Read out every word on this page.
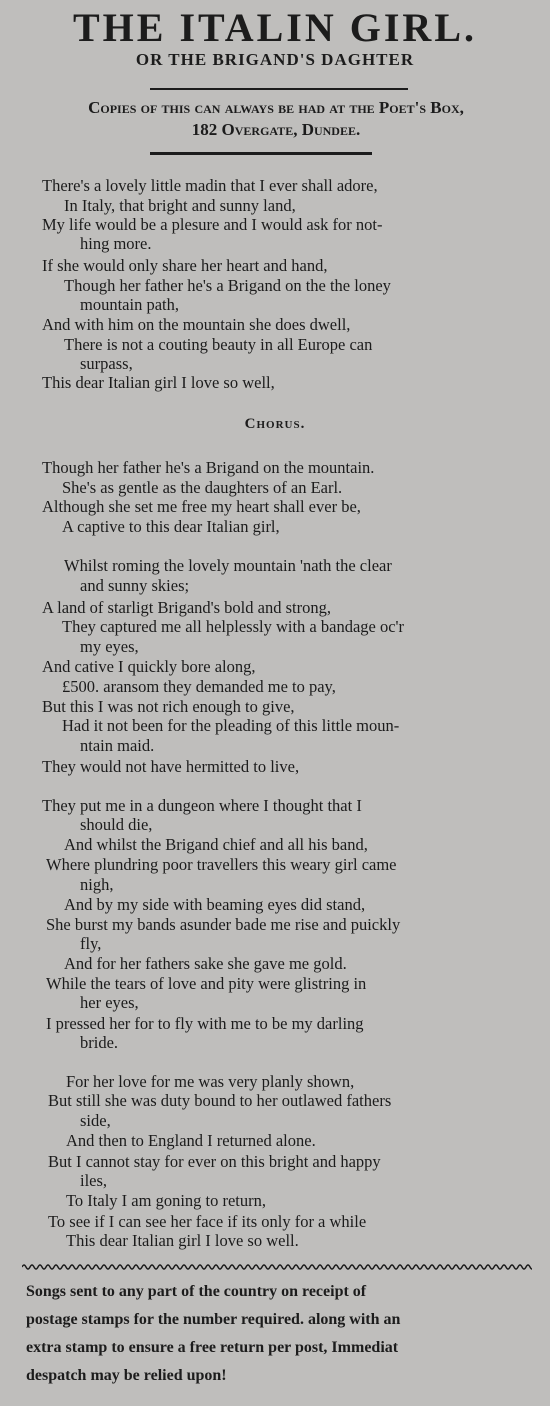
THE ITALIN GIRL.
OR THE BRIGAND'S DAGHTER
Copies of this can always be had at the Poet's Box,
182 Overgate, Dundee.
There's a lovely little madin that I ever shall adore,
In Italy, that bright and sunny land,
My life would be a plesure and I would ask for not-
hing more.
If she would only share her heart and hand,
Though her father he's a Brigand on the the loney
mountain path,
And with him on the mountain she does dwell,
There is not a couting beauty in all Europe can
surpass,
This dear Italian girl I love so well,
Chorus.
Though her father he's a Brigand on the mountain.
She's as gentle as the daughters of an Earl.
Although she set me free my heart shall ever be,
A captive to this dear Italian girl,
Whilst roming the lovely mountain 'nath the clear
and sunny skies;
A land of starligt Brigand's bold and strong,
They captured me all helplessly with a bandage oc'r
my eyes,
And cative I quickly bore along,
£500. aransom they demanded me to pay,
But this I was not rich enough to give,
Had it not been for the pleading of this little moun-
ntain maid.
They would not have hermitted to live,
They put me in a dungeon where I thought that I
should die,
And whilst the Brigand chief and all his band,
Where plundring poor travellers this weary girl came
nigh,
And by my side with beaming eyes did stand,
She burst my bands asunder bade me rise and puickly
fly,
And for her fathers sake she gave me gold.
While the tears of love and pity were glistring in
her eyes,
I pressed her for to fly with me to be my darling
bride.
For her love for me was very planly shown,
But still she was duty bound to her outlawed fathers
side,
And then to England I returned alone.
But I cannot stay for ever on this bright and happy
iles,
To Italy I am goning to return,
To see if I can see her face if its only for a while
This dear Italian girl I love so well.
Songs sent to any part of the country on receipt of
postage stamps for the number required. along with an
extra stamp to ensure a free return per post, Immediat
despatch may be relied upon!
